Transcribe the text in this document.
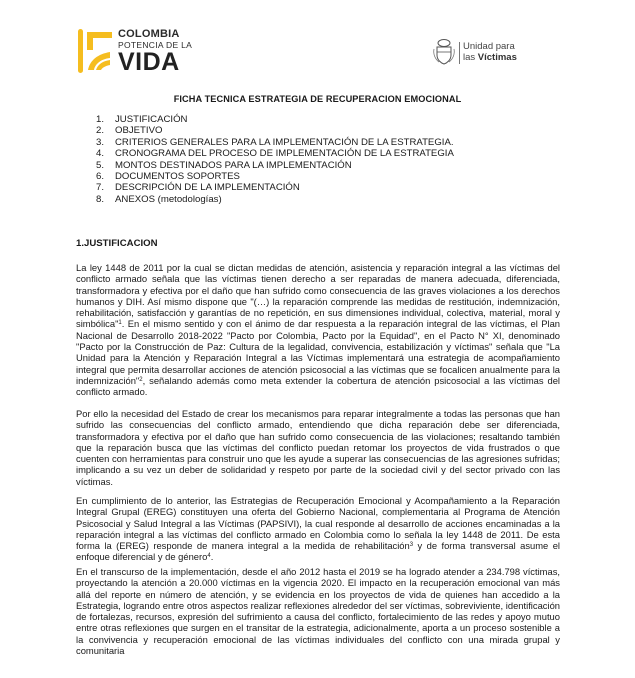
COLOMBIA
POTENCIA DE LA
VIDA
Unidad para
las Víctimas
FICHA TECNICA ESTRATEGIA DE RECUPERACION EMOCIONAL
1.	JUSTIFICACIÓN
2.	OBJETIVO
3.	CRITERIOS GENERALES PARA LA IMPLEMENTACIÓN DE LA ESTRATEGIA.
4.	CRONOGRAMA DEL PROCESO DE IMPLEMENTACIÓN DE LA ESTRATEGIA
5.	MONTOS DESTINADOS PARA LA IMPLEMENTACIÓN
6.	DOCUMENTOS SOPORTES
7.	DESCRIPCIÓN DE LA IMPLEMENTACIÓN
8.	ANEXOS (metodologías)
1.JUSTIFICACION

La ley 1448 de 2011 por la cual se dictan medidas de atención, asistencia y reparación integral a las víctimas del conflicto armado señala que las víctimas tienen derecho a ser reparadas de manera adecuada, diferenciada, transformadora y efectiva por el daño que han sufrido como consecuencia de las graves violaciones a los derechos humanos y DIH. Así mismo dispone que "(…) la reparación comprende las medidas de restitución, indemnización, rehabilitación, satisfacción y garantías de no repetición, en sus dimensiones individual, colectiva, material, moral y simbólica"$^1$. En el mismo sentido y con el ánimo de dar respuesta a la reparación integral de las víctimas, el Plan Nacional de Desarrollo 2018-2022 "Pacto por Colombia, Pacto por la Equidad", en el Pacto N° XI, denominado "Pacto por la Construcción de Paz: Cultura de la legalidad, convivencia, estabilización y víctimas" señala que "La Unidad para la Atención y Reparación Integral a las Víctimas implementará una estrategia de acompañamiento integral que permita desarrollar acciones de atención psicosocial a las víctimas que se focalicen anualmente para la indemnización"$^2$, señalando además como meta extender la cobertura de atención psicosocial a las víctimas del conflicto armado.

Por ello la necesidad del Estado de crear los mecanismos para reparar integralmente a todas las personas que han sufrido las consecuencias del conflicto armado, entendiendo que dicha reparación debe ser diferenciada, transformadora y efectiva por el daño que han sufrido como consecuencia de las violaciones; resaltando también que la reparación busca que las víctimas del conflicto puedan retomar los proyectos de vida frustrados o que cuenten con herramientas para construir uno que les ayude a superar las consecuencias de las agresiones sufridas; implicando a su vez un deber de solidaridad y respeto por parte de la sociedad civil y del sector privado con las víctimas.

En cumplimiento de lo anterior, las Estrategias de Recuperación Emocional y Acompañamiento a la Reparación Integral Grupal (EREG) constituyen una oferta del Gobierno Nacional, complementaria al Programa de Atención Psicosocial y Salud Integral a las Víctimas (PAPSIVI), la cual responde al desarrollo de acciones encaminadas a la reparación integral a las víctimas del conflicto armado en Colombia como lo señala la ley 1448 de 2011. De esta forma la (EREG) responde de manera integral a la medida de rehabilitación$^3$ y de forma transversal asume el enfoque diferencial y de género$^4$.

En el transcurso de la implementación, desde el año 2012 hasta el 2019 se ha logrado atender a 234.798 víctimas, proyectando la atención a 20.000 víctimas en la vigencia 2020. El impacto en la recuperación emocional van más allá del reporte en número de atención, y se evidencia en los proyectos de vida de quienes han accedido a la Estrategia, logrando entre otros aspectos realizar reflexiones alrededor del ser víctimas, sobreviviente, identificación de fortalezas, recursos, expresión del sufrimiento a causa del conflicto, fortalecimiento de las redes y apoyo mutuo entre otras reflexiones que surgen en el transitar de la estrategia, adicionalmente, aporta a un proceso sostenible a la convivencia y recuperación emocional de las víctimas individuales del conflicto con una mirada grupal y comunitaria
